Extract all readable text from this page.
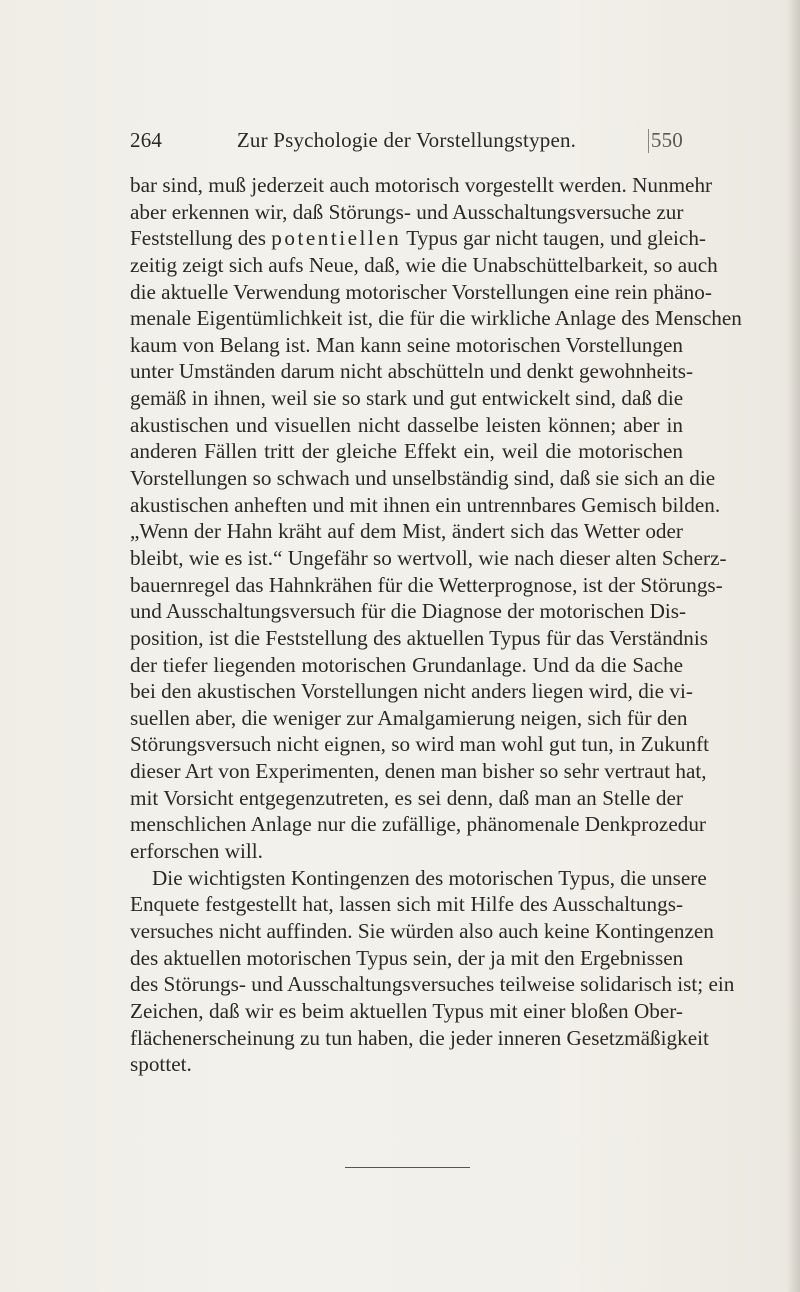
264	Zur Psychologie der Vorstellungstypen.	550
bar sind, muß jederzeit auch motorisch vorgestellt werden. Nunmehr
aber erkennen wir, daß Störungs- und Ausschaltungsversuche zur
Feststellung des potentiellen Typus gar nicht taugen, und gleich-
zeitig zeigt sich aufs Neue, daß, wie die Unabschüttelbarkeit, so auch
die aktuelle Verwendung motorischer Vorstellungen eine rein phäno-
menale Eigentümlichkeit ist, die für die wirkliche Anlage des Menschen
kaum von Belang ist. Man kann seine motorischen Vorstellungen
unter Umständen darum nicht abschütteln und denkt gewohnheits-
gemäß in ihnen, weil sie so stark und gut entwickelt sind, daß die
akustischen und visuellen nicht dasselbe leisten können; aber in
anderen Fällen tritt der gleiche Effekt ein, weil die motorischen
Vorstellungen so schwach und unselbständig sind, daß sie sich an die
akustischen anheften und mit ihnen ein untrennbares Gemisch bilden.
„Wenn der Hahn kräht auf dem Mist, ändert sich das Wetter oder
bleibt, wie es ist.“ Ungefähr so wertvoll, wie nach dieser alten Scherz-
bauernregel das Hahnkrähen für die Wetterprognose, ist der Störungs-
und Ausschaltungsversuch für die Diagnose der motorischen Dis-
position, ist die Feststellung des aktuellen Typus für das Verständnis
der tiefer liegenden motorischen Grundanlage. Und da die Sache
bei den akustischen Vorstellungen nicht anders liegen wird, die vi-
suellen aber, die weniger zur Amalgamierung neigen, sich für den
Störungsversuch nicht eignen, so wird man wohl gut tun, in Zukunft
dieser Art von Experimenten, denen man bisher so sehr vertraut hat,
mit Vorsicht entgegenzutreten, es sei denn, daß man an Stelle der
menschlichen Anlage nur die zufällige, phänomenale Denkprozedur
erforschen will.
Die wichtigsten Kontingenzen des motorischen Typus, die unsere
Enquete festgestellt hat, lassen sich mit Hilfe des Ausschaltungs-
versuches nicht auffinden. Sie würden also auch keine Kontingenzen
des aktuellen motorischen Typus sein, der ja mit den Ergebnissen
des Störungs- und Ausschaltungsversuches teilweise solidarisch ist; ein
Zeichen, daß wir es beim aktuellen Typus mit einer bloßen Ober-
flächenerscheinung zu tun haben, die jeder inneren Gesetzmäßigkeit
spottet.
